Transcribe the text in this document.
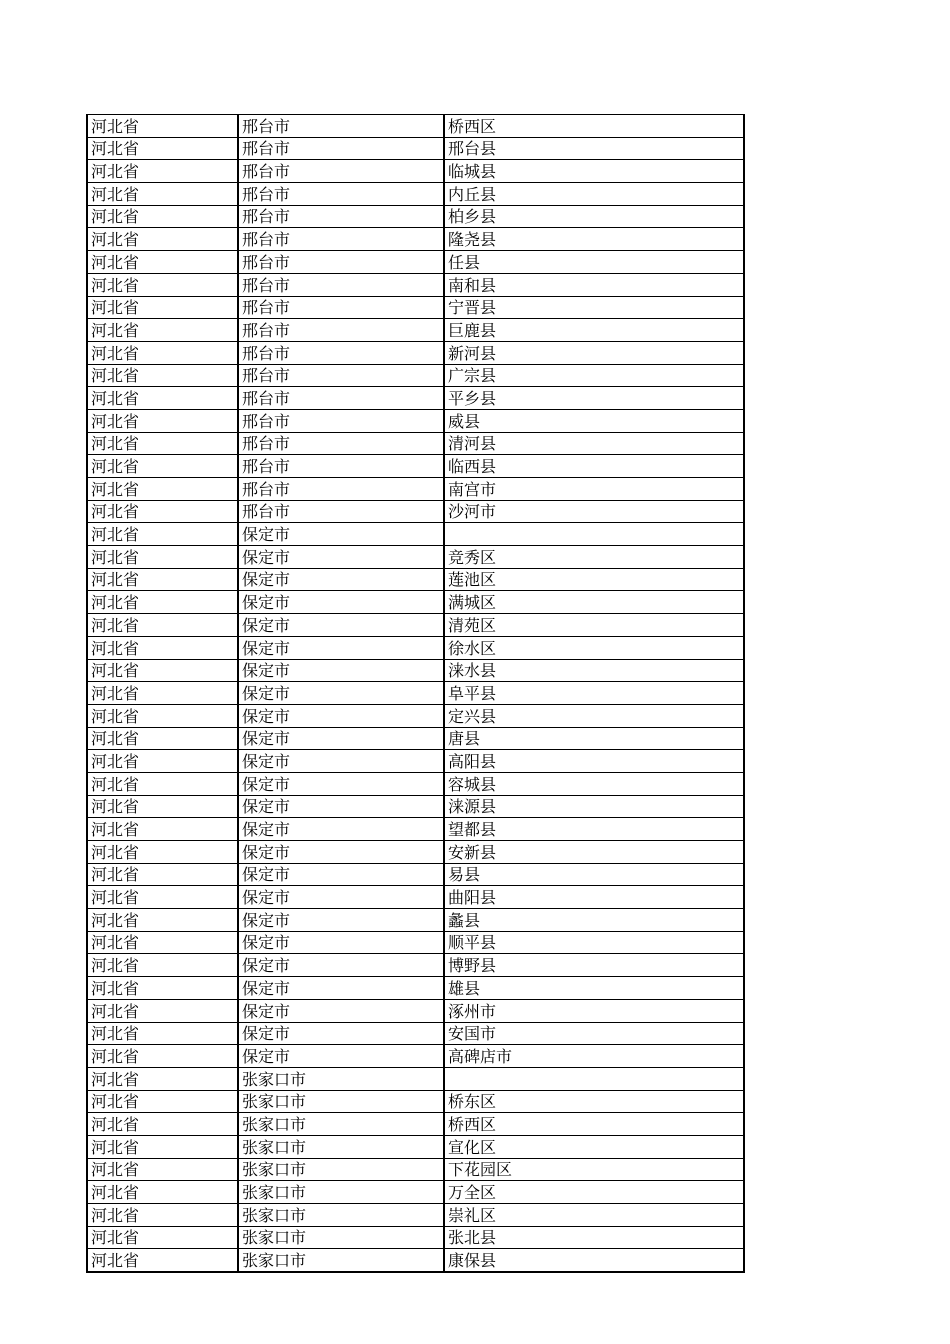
河北省	邢台市	桥西区
河北省	邢台市	邢台县
河北省	邢台市	临城县
河北省	邢台市	内丘县
河北省	邢台市	柏乡县
河北省	邢台市	隆尧县
河北省	邢台市	任县
河北省	邢台市	南和县
河北省	邢台市	宁晋县
河北省	邢台市	巨鹿县
河北省	邢台市	新河县
河北省	邢台市	广宗县
河北省	邢台市	平乡县
河北省	邢台市	威县
河北省	邢台市	清河县
河北省	邢台市	临西县
河北省	邢台市	南宫市
河北省	邢台市	沙河市
河北省	保定市	
河北省	保定市	竞秀区
河北省	保定市	莲池区
河北省	保定市	满城区
河北省	保定市	清苑区
河北省	保定市	徐水区
河北省	保定市	涞水县
河北省	保定市	阜平县
河北省	保定市	定兴县
河北省	保定市	唐县
河北省	保定市	高阳县
河北省	保定市	容城县
河北省	保定市	涞源县
河北省	保定市	望都县
河北省	保定市	安新县
河北省	保定市	易县
河北省	保定市	曲阳县
河北省	保定市	蠡县
河北省	保定市	顺平县
河北省	保定市	博野县
河北省	保定市	雄县
河北省	保定市	涿州市
河北省	保定市	安国市
河北省	保定市	高碑店市
河北省	张家口市	
河北省	张家口市	桥东区
河北省	张家口市	桥西区
河北省	张家口市	宣化区
河北省	张家口市	下花园区
河北省	张家口市	万全区
河北省	张家口市	崇礼区
河北省	张家口市	张北县
河北省	张家口市	康保县
